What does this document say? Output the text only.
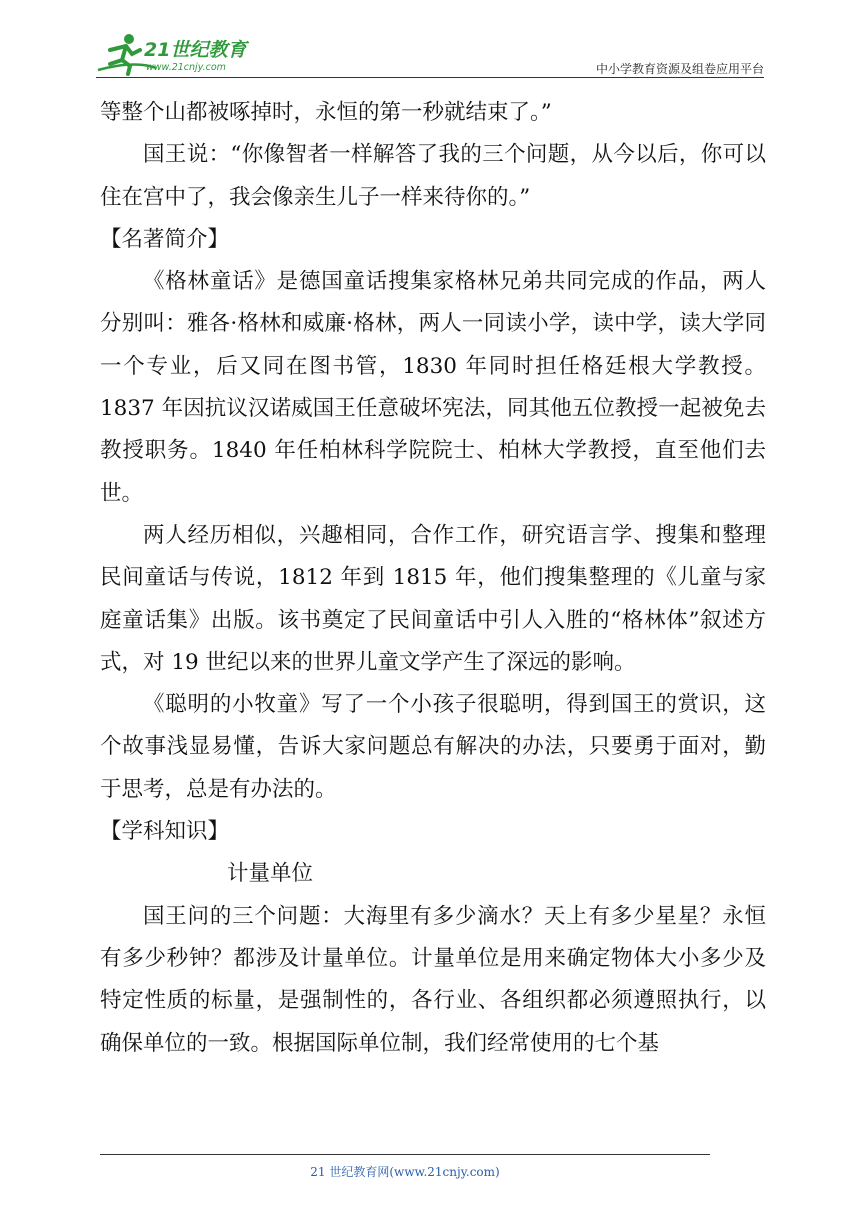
21世纪教育
www.21cnjy.com	中小学教育资源及组卷应用平台

等整个山都被啄掉时，永恒的第一秒就结束了。”

国王说：“你像智者一样解答了我的三个问题，从今以后，你可以住在宫中了，我会像亲生儿子一样来待你的。”

【名著简介】

《格林童话》是德国童话搜集家格林兄弟共同完成的作品，两人分别叫：雅各·格林和威廉·格林，两人一同读小学，读中学，读大学同一个专业，后又同在图书管，1830 年同时担任格廷根大学教授。1837 年因抗议汉诺威国王任意破坏宪法，同其他五位教授一起被免去教授职务。1840 年任柏林科学院院士、柏林大学教授，直至他们去世。

两人经历相似，兴趣相同，合作工作，研究语言学、搜集和整理民间童话与传说，1812 年到 1815 年，他们搜集整理的《儿童与家庭童话集》出版。该书奠定了民间童话中引人入胜的“格林体”叙述方式，对 19 世纪以来的世界儿童文学产生了深远的影响。

《聪明的小牧童》写了一个小孩子很聪明，得到国王的赏识，这个故事浅显易懂，告诉大家问题总有解决的办法，只要勇于面对，勤于思考，总是有办法的。

【学科知识】

计量单位

国王问的三个问题：大海里有多少滴水？天上有多少星星？永恒有多少秒钟？都涉及计量单位。计量单位是用来确定物体大小多少及特定性质的标量，是强制性的，各行业、各组织都必须遵照执行，以确保单位的一致。根据国际单位制，我们经常使用的七个基

21 世纪教育网(www.21cnjy.com)
